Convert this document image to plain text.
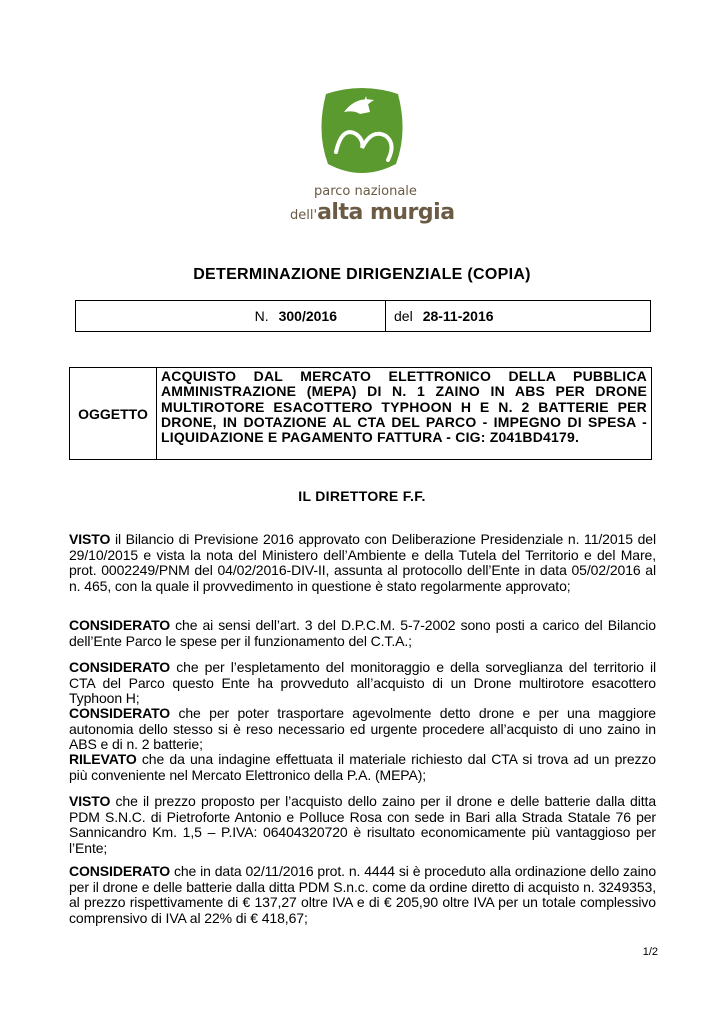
parco nazionale
dell'alta murgia
DETERMINAZIONE DIRIGENZIALE (COPIA)
N. 300/2016	del 28-11-2016
OGGETTO
ACQUISTO DAL MERCATO ELETTRONICO DELLA PUBBLICA AMMINISTRAZIONE (MEPA) DI N. 1 ZAINO IN ABS PER DRONE MULTIROTORE ESACOTTERO TYPHOON H E N. 2 BATTERIE PER DRONE, IN DOTAZIONE AL CTA DEL PARCO - IMPEGNO DI SPESA - LIQUIDAZIONE E PAGAMENTO FATTURA - CIG: Z041BD4179.
IL DIRETTORE F.F.
VISTO il Bilancio di Previsione 2016 approvato con Deliberazione Presidenziale n. 11/2015 del 29/10/2015 e vista la nota del Ministero dell’Ambiente e della Tutela del Territorio e del Mare, prot. 0002249/PNM del 04/02/2016-DIV-II, assunta al protocollo dell’Ente in data 05/02/2016 al n. 465, con la quale il provvedimento in questione è stato regolarmente approvato;
CONSIDERATO che ai sensi dell’art. 3 del D.P.C.M. 5-7-2002 sono posti a carico del Bilancio dell’Ente Parco le spese per il funzionamento del C.T.A.;
CONSIDERATO che per l’espletamento del monitoraggio e della sorveglianza del territorio il CTA del Parco questo Ente ha provveduto all’acquisto di un Drone multirotore esacottero Typhoon H;
CONSIDERATO che per poter trasportare agevolmente detto drone e per una maggiore autonomia dello stesso si è reso necessario ed urgente procedere all’acquisto di uno zaino in ABS e di n. 2 batterie;
RILEVATO che da una indagine effettuata il materiale richiesto dal CTA si trova ad un prezzo più conveniente nel Mercato Elettronico della P.A. (MEPA);
VISTO che il prezzo proposto per l’acquisto dello zaino per il drone e delle batterie dalla ditta PDM S.N.C. di Pietroforte Antonio e Polluce Rosa con sede in Bari alla Strada Statale 76 per Sannicandro Km. 1,5 – P.IVA: 06404320720 è risultato economicamente più vantaggioso per l’Ente;
CONSIDERATO che in data 02/11/2016 prot. n. 4444 si è proceduto alla ordinazione dello zaino per il drone e delle batterie dalla ditta PDM S.n.c. come da ordine diretto di acquisto n. 3249353, al prezzo rispettivamente di € 137,27 oltre IVA e di € 205,90 oltre IVA per un totale complessivo comprensivo di IVA al 22% di € 418,67;
1/2
